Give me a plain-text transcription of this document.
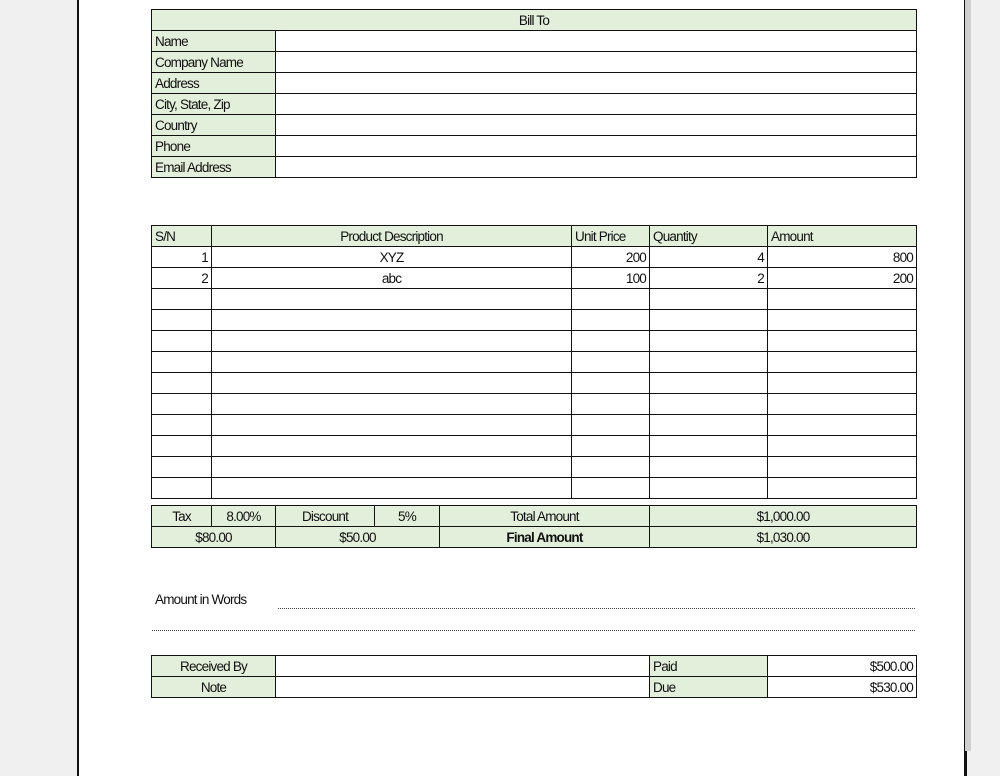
Bill To	
Name	
Company Name	
Address	
City, State, Zip	
Country	
Phone	
Email Address	
S/N	Product Description	Unit Price	Quantity	Amount
1	XYZ	200	4	800
2	abc	100	2	200

Tax	8.00%	Discount	5%	Total Amount	$1,000.00
$80.00		$50.00		Final Amount	$1,030.00
Amount in Words
Received By		Paid	$500.00
Note		Due	$530.00
